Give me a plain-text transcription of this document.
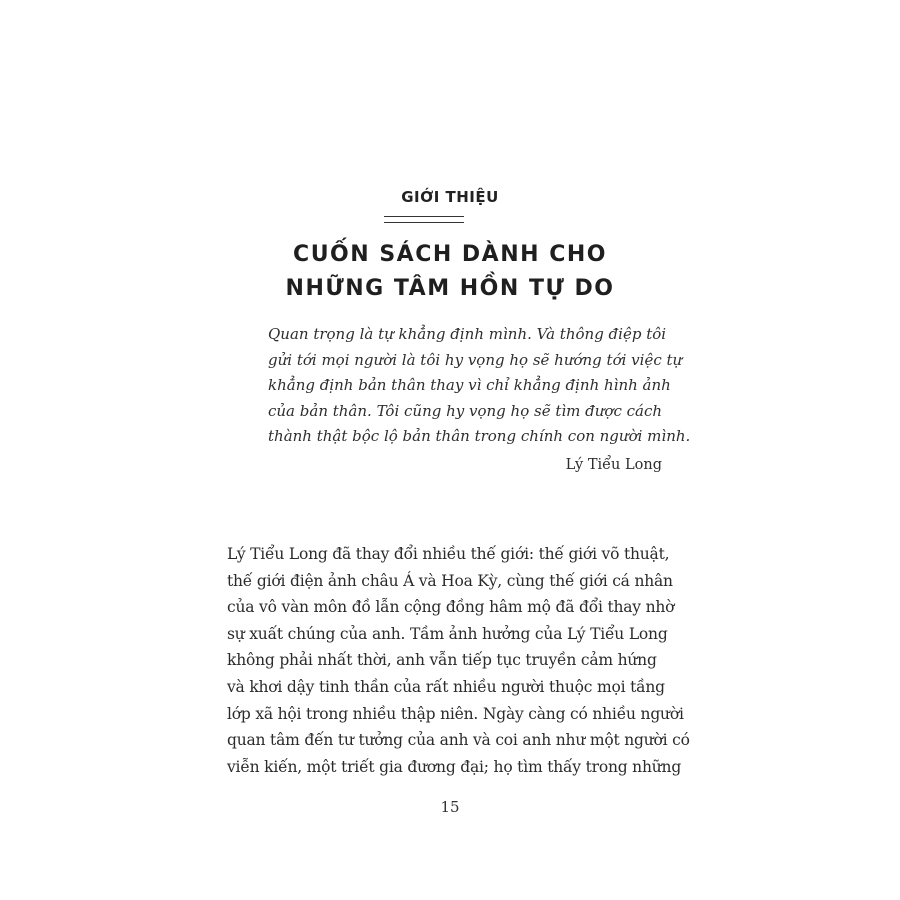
GIỚI THIỆU
CUỐN SÁCH DÀNH CHO
NHỮNG TÂM HỒN TỰ DO

Quan trọng là tự khẳng định mình. Và thông điệp tôi

gửi tới mọi người là tôi hy vọng họ sẽ hướng tới việc tự

khẳng định bản thân thay vì chỉ khẳng định hình ảnh

của bản thân. Tôi cũng hy vọng họ sẽ tìm được cách

thành thật bộc lộ bản thân trong chính con người mình.

Lý Tiểu Long

Lý Tiểu Long đã thay đổi nhiều thế giới: thế giới võ thuật,

thế giới điện ảnh châu Á và Hoa Kỳ, cùng thế giới cá nhân

của vô vàn môn đồ lẫn cộng đồng hâm mộ đã đổi thay nhờ

sự xuất chúng của anh. Tầm ảnh hưởng của Lý Tiểu Long

không phải nhất thời, anh vẫn tiếp tục truyền cảm hứng

và khơi dậy tinh thần của rất nhiều người thuộc mọi tầng

lớp xã hội trong nhiều thập niên. Ngày càng có nhiều người

quan tâm đến tư tưởng của anh và coi anh như một người có

viễn kiến, một triết gia đương đại; họ tìm thấy trong những

15
